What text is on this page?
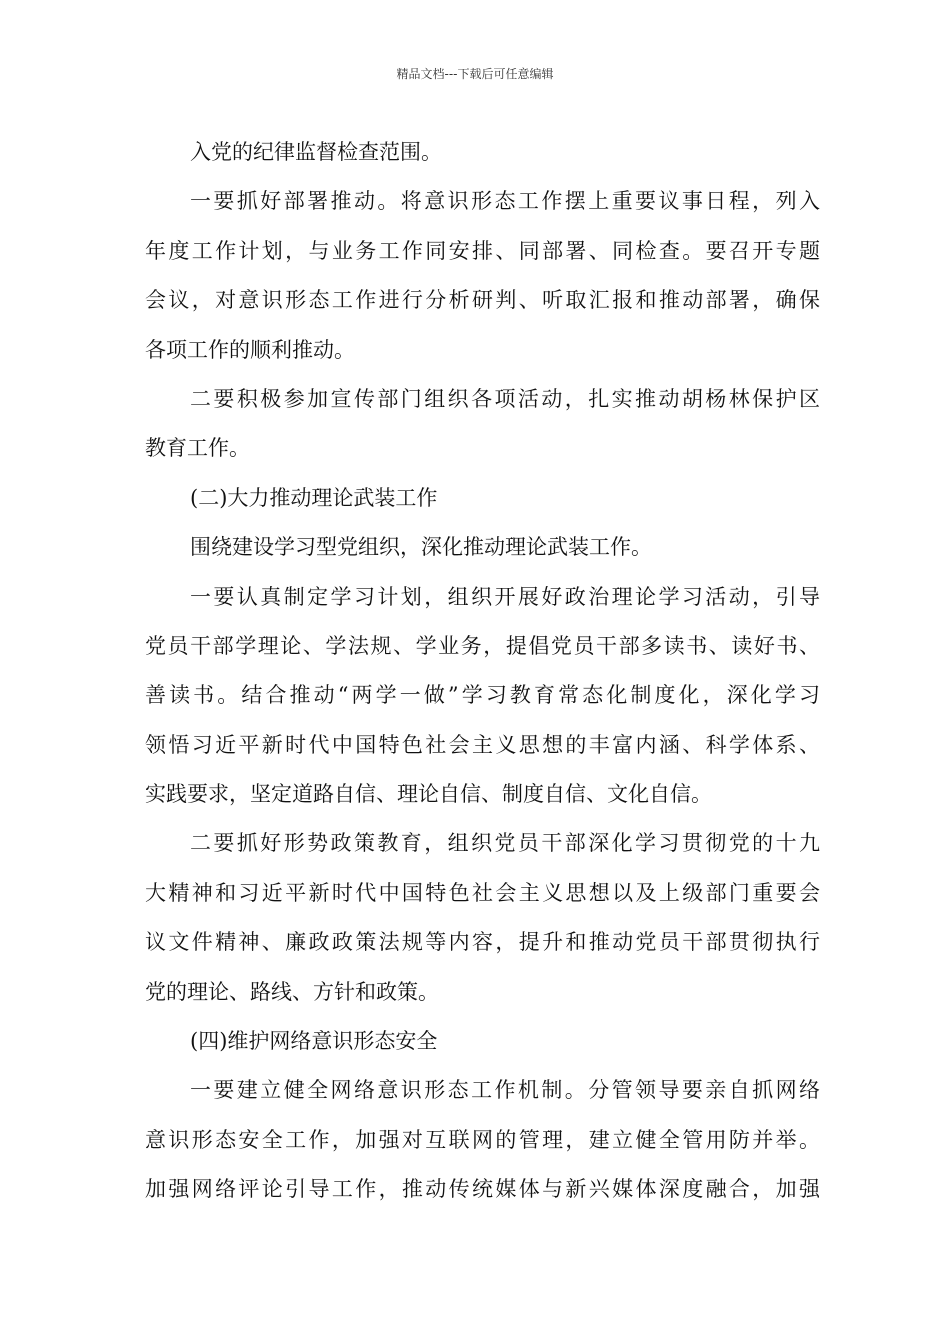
精品文档---下载后可任意编辑
入党的纪律监督检查范围。
一要抓好部署推动。将意识形态工作摆上重要议事日程，列入
年度工作计划，与业务工作同安排、同部署、同检查。要召开专题
会议，对意识形态工作进行分析研判、听取汇报和推动部署，确保
各项工作的顺利推动。
二要积极参加宣传部门组织各项活动，扎实推动胡杨林保护区
教育工作。
(二)大力推动理论武装工作
围绕建设学习型党组织，深化推动理论武装工作。
一要认真制定学习计划，组织开展好政治理论学习活动，引导
党员干部学理论、学法规、学业务，提倡党员干部多读书、读好书、
善读书。结合推动“两学一做”学习教育常态化制度化，深化学习
领悟习近平新时代中国特色社会主义思想的丰富内涵、科学体系、
实践要求，坚定道路自信、理论自信、制度自信、文化自信。
二要抓好形势政策教育，组织党员干部深化学习贯彻党的十九
大精神和习近平新时代中国特色社会主义思想以及上级部门重要会
议文件精神、廉政政策法规等内容，提升和推动党员干部贯彻执行
党的理论、路线、方针和政策。
(四)维护网络意识形态安全
一要建立健全网络意识形态工作机制。分管领导要亲自抓网络
意识形态安全工作，加强对互联网的管理，建立健全管用防并举。
加强网络评论引导工作，推动传统媒体与新兴媒体深度融合，加强
